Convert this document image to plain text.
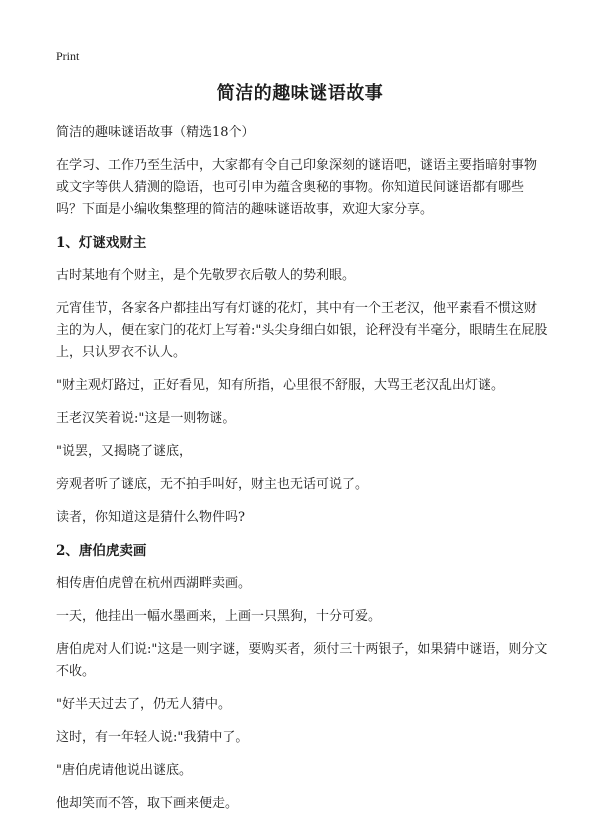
Print
简洁的趣味谜语故事

简洁的趣味谜语故事（精选18个）

在学习、工作乃至生活中，大家都有令自己印象深刻的谜语吧，谜语主要指暗射事物或文字等供人猜测的隐语，也可引申为蕴含奥秘的事物。你知道民间谜语都有哪些吗？下面是小编收集整理的简洁的趣味谜语故事，欢迎大家分享。

1、灯谜戏财主

古时某地有个财主，是个先敬罗衣后敬人的势利眼。

元宵佳节，各家各户都挂出写有灯谜的花灯，其中有一个王老汉，他平素看不惯这财主的为人，便在家门的花灯上写着:"头尖身细白如银，论秤没有半毫分，眼睛生在屁股上，只认罗衣不认人。

"财主观灯路过，正好看见，知有所指，心里很不舒服，大骂王老汉乱出灯谜。

王老汉笑着说:"这是一则物谜。

"说罢，又揭晓了谜底，

旁观者听了谜底，无不拍手叫好，财主也无话可说了。

读者，你知道这是猜什么物件吗?

2、唐伯虎卖画

相传唐伯虎曾在杭州西湖畔卖画。

一天，他挂出一幅水墨画来，上画一只黑狗，十分可爱。

唐伯虎对人们说:"这是一则字谜，要购买者，须付三十两银子，如果猜中谜语，则分文不收。

"好半天过去了，仍无人猜中。

这时，有一年轻人说:"我猜中了。

"唐伯虎请他说出谜底。

他却笑而不答，取下画来便走。
